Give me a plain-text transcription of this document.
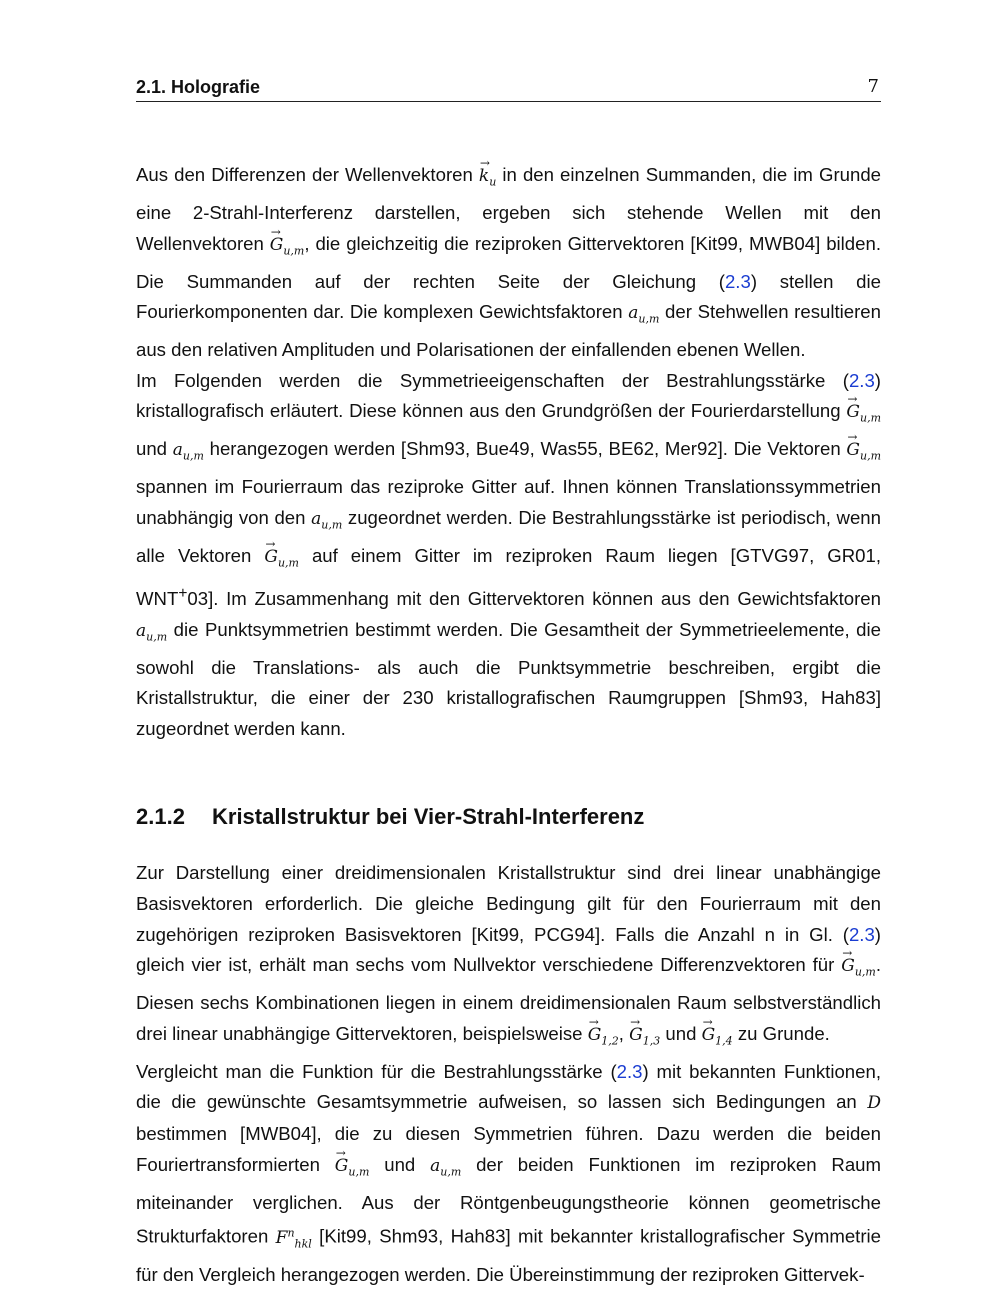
2.1. Holografie	7

Aus den Differenzen der Wellenvektoren → $k_u$ in den einzelnen Summanden, die im Grunde eine 2-Strahl-Interferenz darstellen, ergeben sich stehende Wellen mit den Wellenvektoren → $G_{u,m}$, die gleichzeitig die reziproken Gittervektoren [Kit99, MWB04] bilden. Die Summanden auf der rechten Seite der Gleichung (2.3) stellen die Fourierkomponenten dar. Die komplexen Gewichtsfaktoren $a_{u,m}$ der Stehwellen resultieren aus den relativen Amplituden und Polarisationen der einfallenden ebenen Wellen.

Im Folgenden werden die Symmetrieeigenschaften der Bestrahlungsstärke (2.3) kristallografisch erläutert. Diese können aus den Grundgrößen der Fourierdarstellung → $G_{u,m}$ und $a_{u,m}$ herangezogen werden [Shm93, Bue49, Was55, BE62, Mer92]. Die Vektoren → $G_{u,m}$ spannen im Fourierraum das reziproke Gitter auf. Ihnen können Translationssymmetrien unabhängig von den $a_{u,m}$ zugeordnet werden. Die Bestrahlungsstärke ist periodisch, wenn alle Vektoren → $G_{u,m}$ auf einem Gitter im reziproken Raum liegen [GTVG97, GR01, WNT+03]. Im Zusammenhang mit den Gittervektoren können aus den Gewichtsfaktoren $a_{u,m}$ die Punktsymmetrien bestimmt werden. Die Gesamtheit der Symmetrieelemente, die sowohl die Translations- als auch die Punktsymmetrie beschreiben, ergibt die Kristallstruktur, die einer der 230 kristallografischen Raumgruppen [Shm93, Hah83] zugeordnet werden kann.

2.1.2 Kristallstruktur bei Vier-Strahl-Interferenz

Zur Darstellung einer dreidimensionalen Kristallstruktur sind drei linear unabhängige Basisvektoren erforderlich. Die gleiche Bedingung gilt für den Fourierraum mit den zugehörigen reziproken Basisvektoren [Kit99, PCG94]. Falls die Anzahl n in Gl. (2.3) gleich vier ist, erhält man sechs vom Nullvektor verschiedene Differenzvektoren für → $G_{u,m}$. Diesen sechs Kombinationen liegen in einem dreidimensionalen Raum selbstverständlich drei linear unabhängige Gittervektoren, beispielsweise → $G_{1,2}$, → $G_{1,3}$ und → $G_{1,4}$ zu Grunde.

Vergleicht man die Funktion für die Bestrahlungsstärke (2.3) mit bekannten Funktionen, die die gewünschte Gesamtsymmetrie aufweisen, so lassen sich Bedingungen an D bestimmen [MWB04], die zu diesen Symmetrien führen. Dazu werden die beiden Fouriertransformierten → $G_{u,m}$ und $a_{u,m}$ der beiden Funktionen im reziproken Raum miteinander verglichen. Aus der Röntgenbeugungstheorie können geometrische Strukturfaktoren $F^n_{hkl}$ [Kit99, Shm93, Hah83] mit bekannter kristallografischer Symmetrie für den Vergleich herangezogen werden. Die Übereinstimmung der reziproken Gittervek-
